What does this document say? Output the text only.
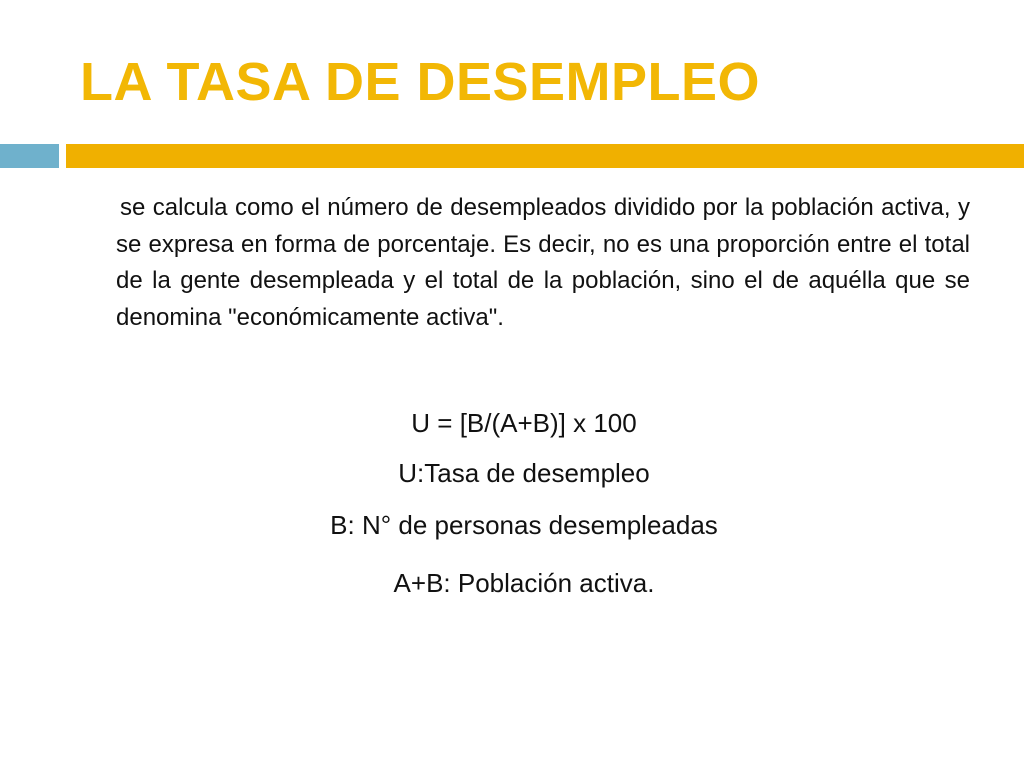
LA TASA DE DESEMPLEO

se calcula como el número de desempleados dividido por la población activa, y se expresa en forma de porcentaje. Es decir, no es una proporción entre el total de la gente desempleada y el total de la población, sino el de aquélla que se denomina "económicamente activa".

U = [B/(A+B)] x 100

U:Tasa de desempleo

B: N° de personas desempleadas

A+B: Población activa.
